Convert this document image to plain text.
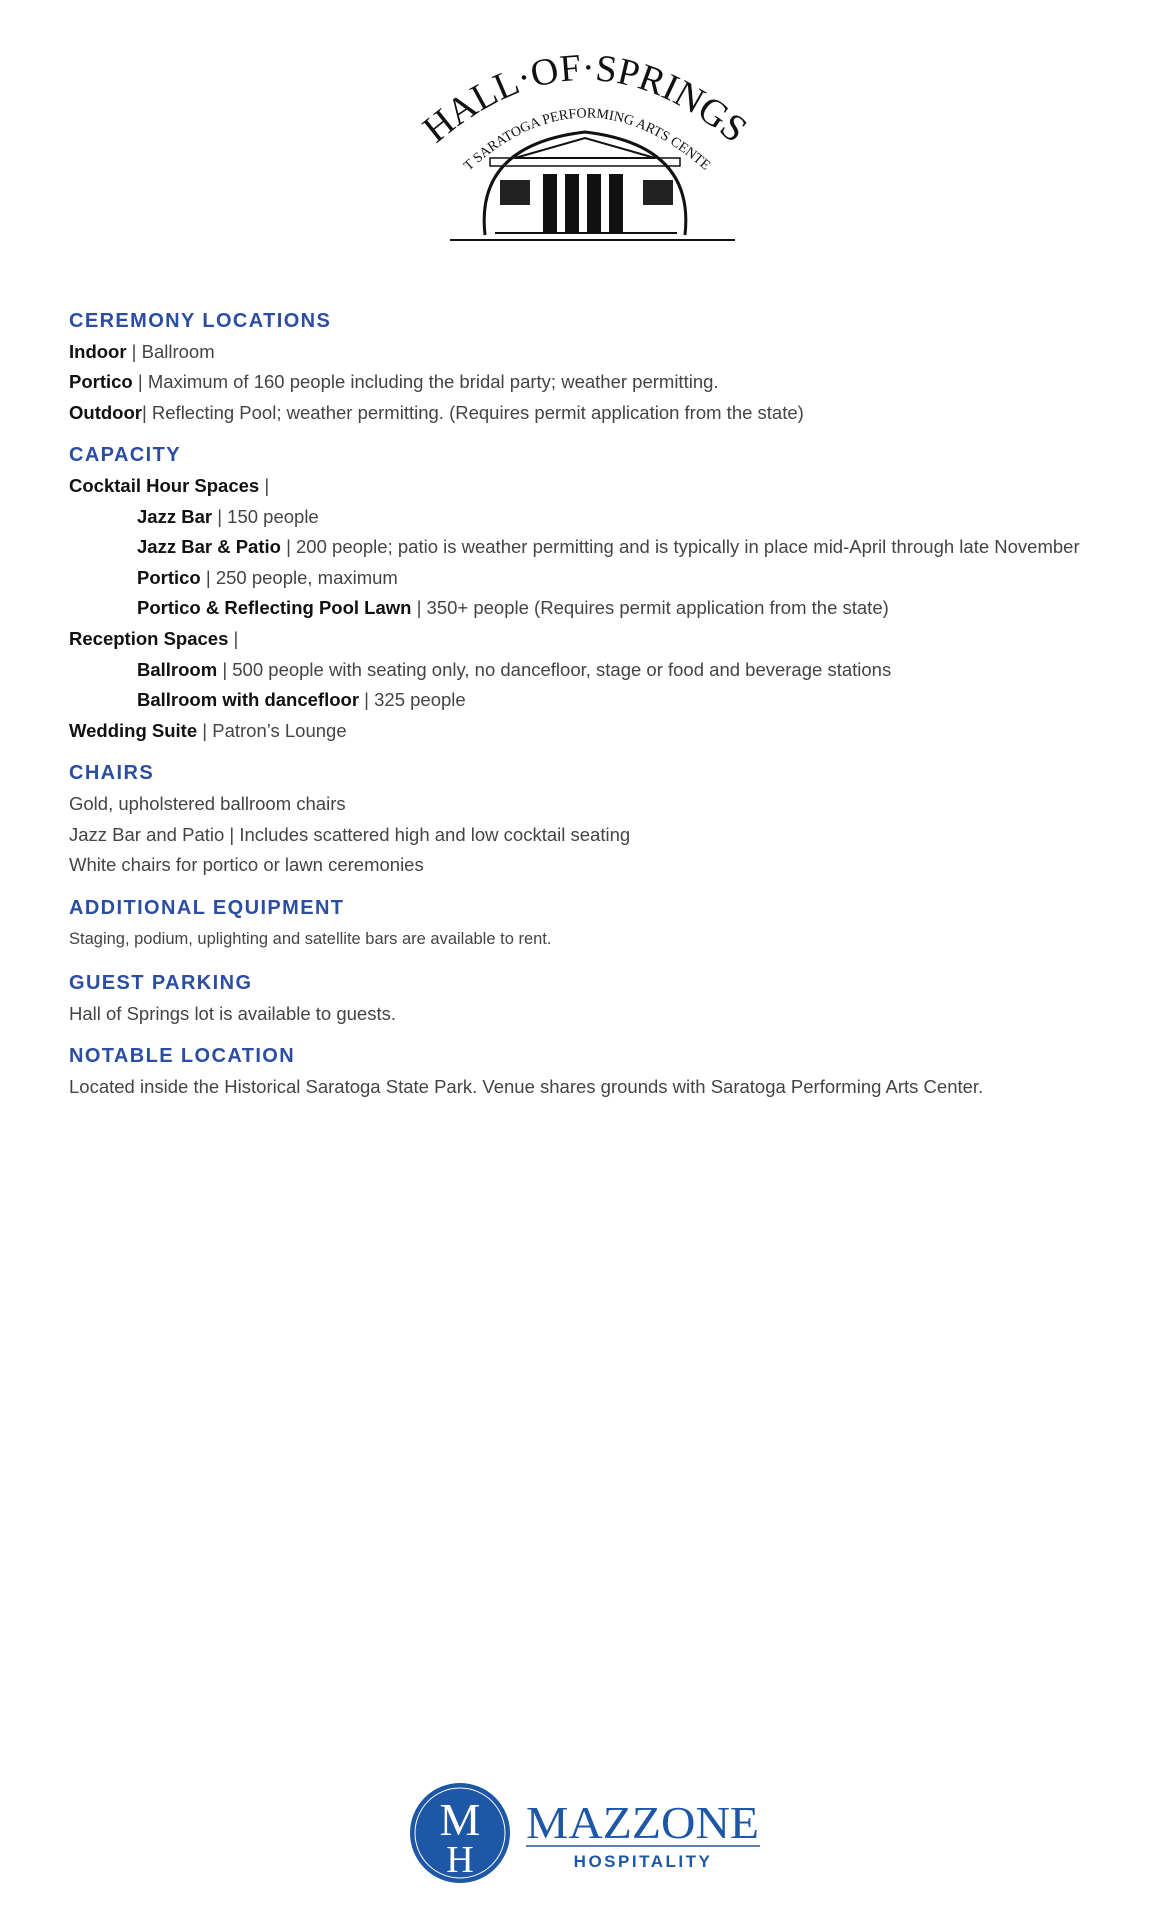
HALL·OF·SPRINGS
T SARATOGA PERFORMING ARTS CENTE
CEREMONY LOCATIONS
Indoor | Ballroom
Portico | Maximum of 160 people including the bridal party; weather permitting.
Outdoor| Reflecting Pool; weather permitting. (Requires permit application from the state)
CAPACITY
Cocktail Hour Spaces |
Jazz Bar | 150 people
Jazz Bar & Patio | 200 people; patio is weather permitting and is typically in place mid-April through late November
Portico | 250 people, maximum
Portico & Reflecting Pool Lawn | 350+ people (Requires permit application from the state)
Reception Spaces |
Ballroom | 500 people with seating only, no dancefloor, stage or food and beverage stations
Ballroom with dancefloor | 325 people
Wedding Suite | Patron’s Lounge
CHAIRS
Gold, upholstered ballroom chairs
Jazz Bar and Patio | Includes scattered high and low cocktail seating
White chairs for portico or lawn ceremonies
ADDITIONAL EQUIPMENT
Staging, podium, uplighting and satellite bars are available to rent.
GUEST PARKING
Hall of Springs lot is available to guests.
NOTABLE LOCATION
Located inside the Historical Saratoga State Park. Venue shares grounds with Saratoga Performing Arts Center.
M
H
MAZZONE
HOSPITALITY
